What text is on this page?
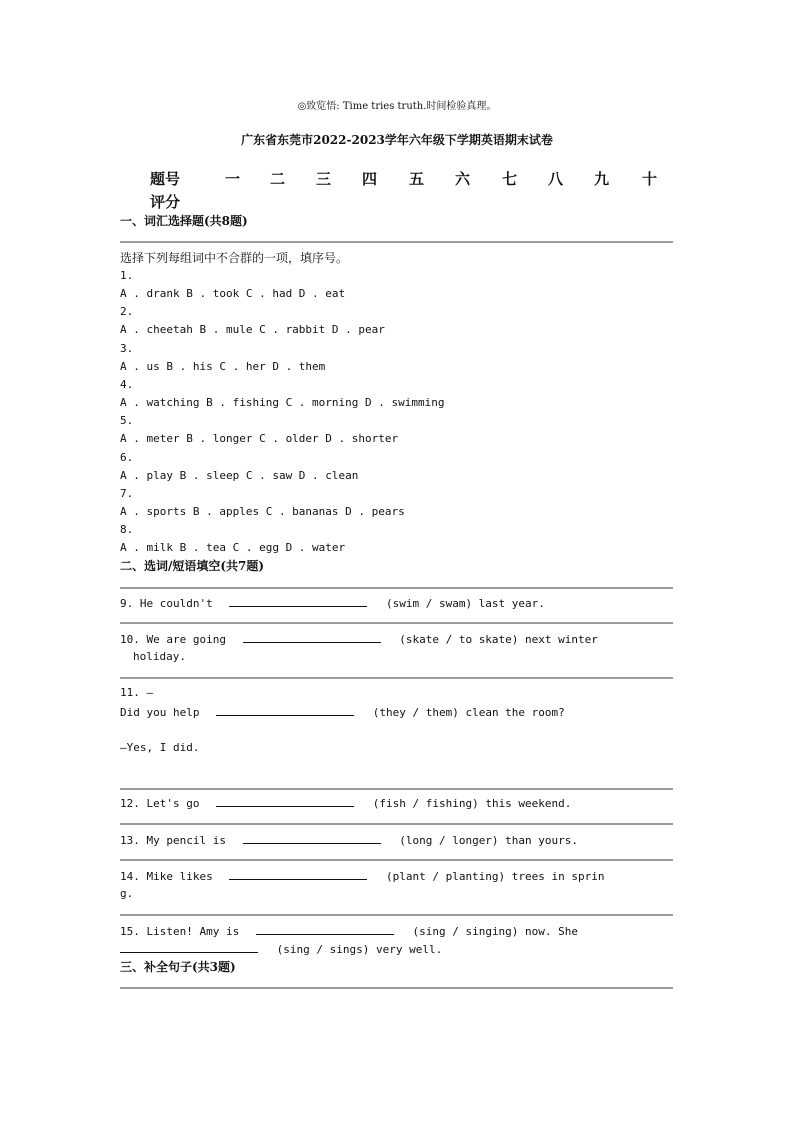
◎致览悟: Time tries truth.时间检验真理。
广东省东莞市2022-2023学年六年级下学期英语期末试卷
题号	一 二 三 四 五 六 七 八 九 十
评分
一、词汇选择题(共8题)
选择下列每组词中不合群的一项，填序号。
1.
A . drank B . took C . had D . eat
2.
A . cheetah B . mule C . rabbit D . pear
3.
A . us B . his C . her D . them
4.
A . watching B . fishing C . morning D . swimming
5.
A . meter B . longer C . older D . shorter
6.
A . play B . sleep C . saw D . clean
7.
A . sports B . apples C . bananas D . pears
8.
A . milk B . tea C . egg D . water
二、选词/短语填空(共7题)
9. He couldn't	(swim / swam) last year.
10. We are going	(skate / to skate) next winter
holiday.
11. —
Did you help	(they / them) clean the room?
—Yes, I did.
12. Let's go	(fish / fishing) this weekend.
13. My pencil is	(long / longer) than yours.
14. Mike likes	(plant / planting) trees in sprin
g.
15. Listen! Amy is	(sing / singing) now. She
(sing / sings) very well.
三、补全句子(共3题)
